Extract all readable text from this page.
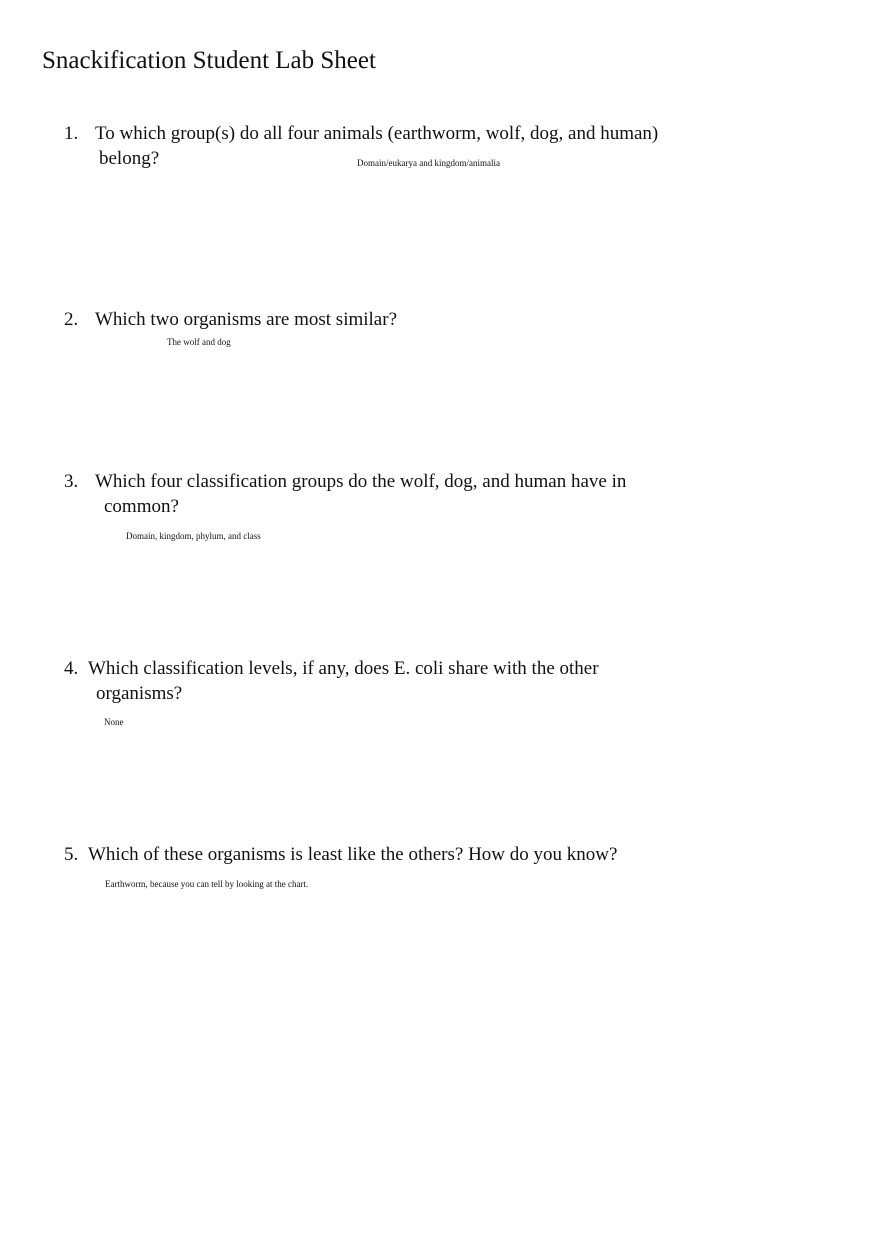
Snackification Student Lab Sheet
1. To which group(s) do all four animals (earthworm, wolf, dog, and human)
belong?	Domain/eukarya and kingdom/animalia
2. Which two organisms are most similar?
The wolf and dog
3. Which four classification groups do the wolf, dog, and human have in
common?
Domain, kingdom, phylum, and class
4. Which classification levels, if any, does E. coli share with the other
organisms?
None
5. Which of these organisms is least like the others? How do you know?
Earthworm, because you can tell by looking at the chart.
